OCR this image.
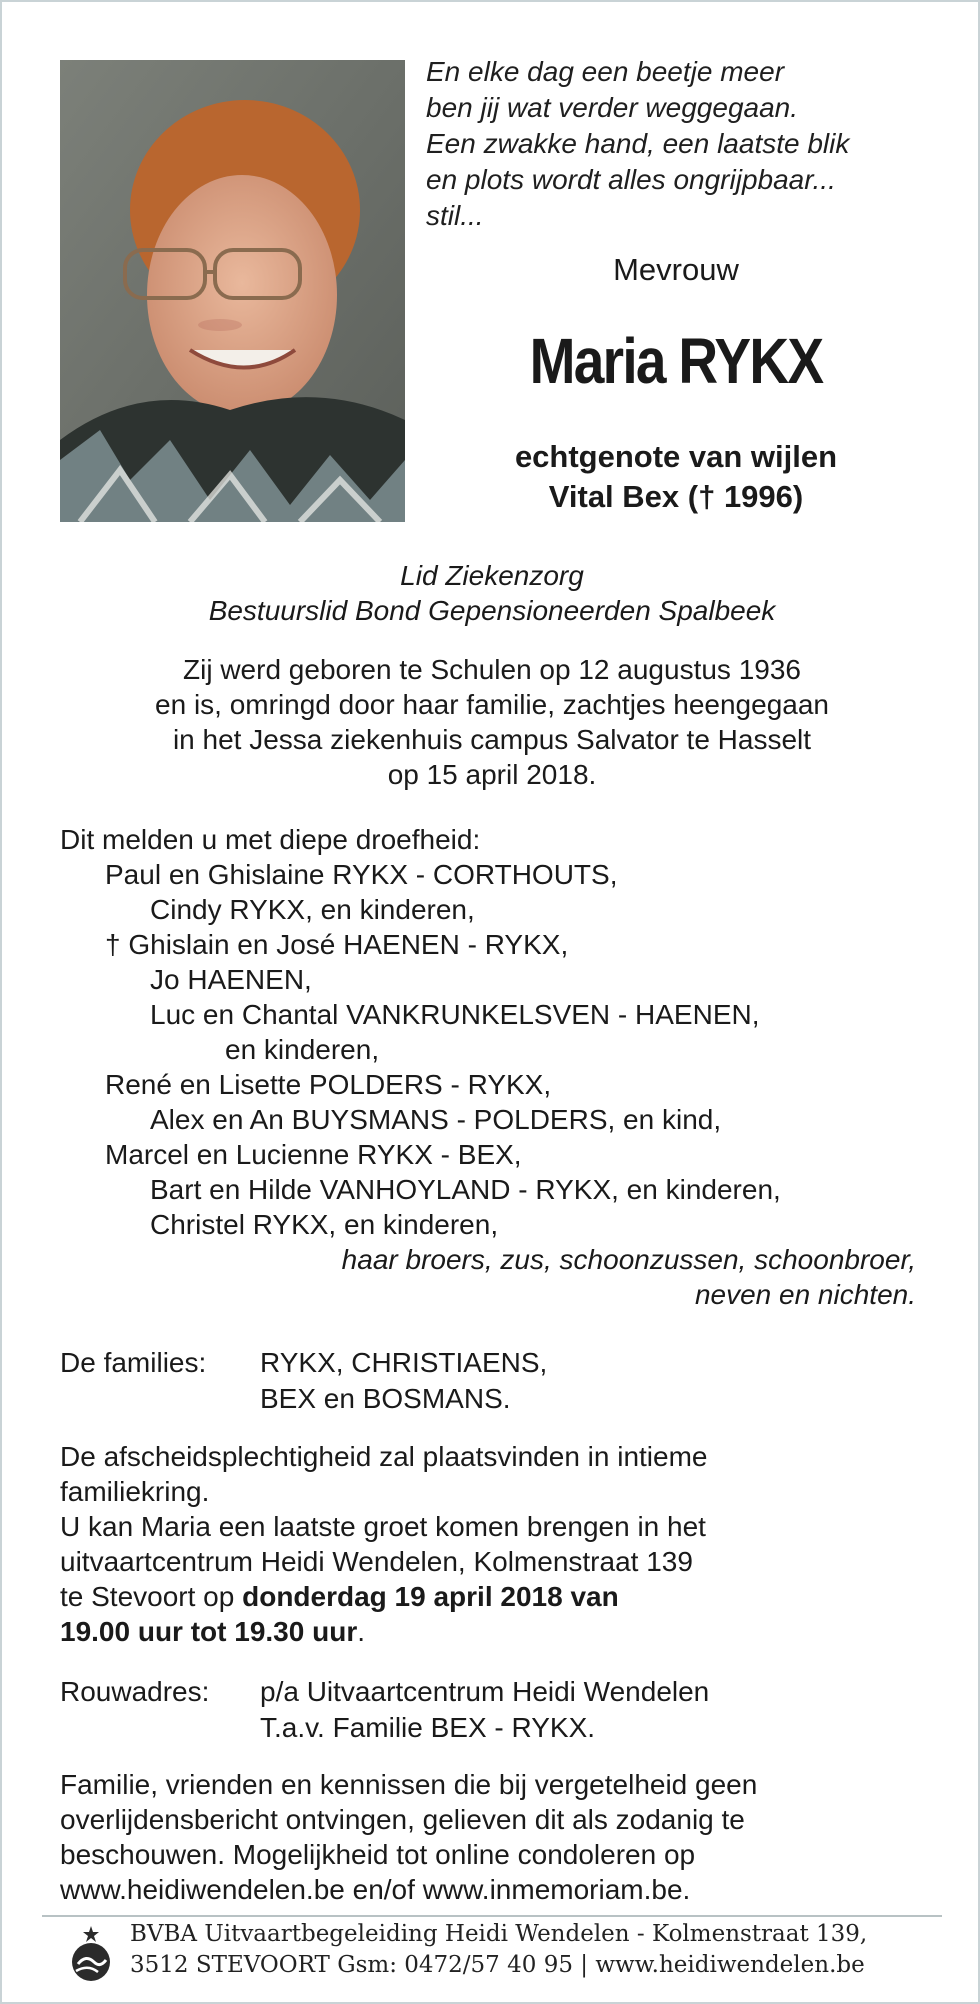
En elke dag een beetje meer
ben jij wat verder weggegaan.
Een zwakke hand, een laatste blik
en plots wordt alles ongrijpbaar...
stil...
Mevrouw
Maria RYKX
echtgenote van wijlen
Vital Bex († 1996)
Lid Ziekenzorg
Bestuurslid Bond Gepensioneerden Spalbeek
Zij werd geboren te Schulen op 12 augustus 1936
en is, omringd door haar familie, zachtjes heengegaan
in het Jessa ziekenhuis campus Salvator te Hasselt
op 15 april 2018.
Dit melden u met diepe droefheid:
Paul en Ghislaine RYKX - CORTHOUTS,
Cindy RYKX, en kinderen,
† Ghislain en José HAENEN - RYKX,
Jo HAENEN,
Luc en Chantal VANKRUNKELSVEN - HAENEN,
en kinderen,
René en Lisette POLDERS - RYKX,
Alex en An BUYSMANS - POLDERS, en kind,
Marcel en Lucienne RYKX - BEX,
Bart en Hilde VANHOYLAND - RYKX, en kinderen,
Christel RYKX, en kinderen,
haar broers, zus, schoonzussen, schoonbroer,
neven en nichten.
De families: RYKX, CHRISTIAENS,
BEX en BOSMANS.
De afscheidsplechtigheid zal plaatsvinden in intieme
familiekring.
U kan Maria een laatste groet komen brengen in het
uitvaartcentrum Heidi Wendelen, Kolmenstraat 139
te Stevoort op donderdag 19 april 2018 van
19.00 uur tot 19.30 uur.
Rouwadres: p/a Uitvaartcentrum Heidi Wendelen
T.a.v. Familie BEX - RYKX.
Familie, vrienden en kennissen die bij vergetelheid geen
overlijdensbericht ontvingen, gelieven dit als zodanig te
beschouwen. Mogelijkheid tot online condoleren op
www.heidiwendelen.be en/of www.inmemoriam.be.
BVBA Uitvaartbegeleiding Heidi Wendelen - Kolmenstraat 139,
3512 STEVOORT Gsm: 0472/57 40 95 | www.heidiwendelen.be
